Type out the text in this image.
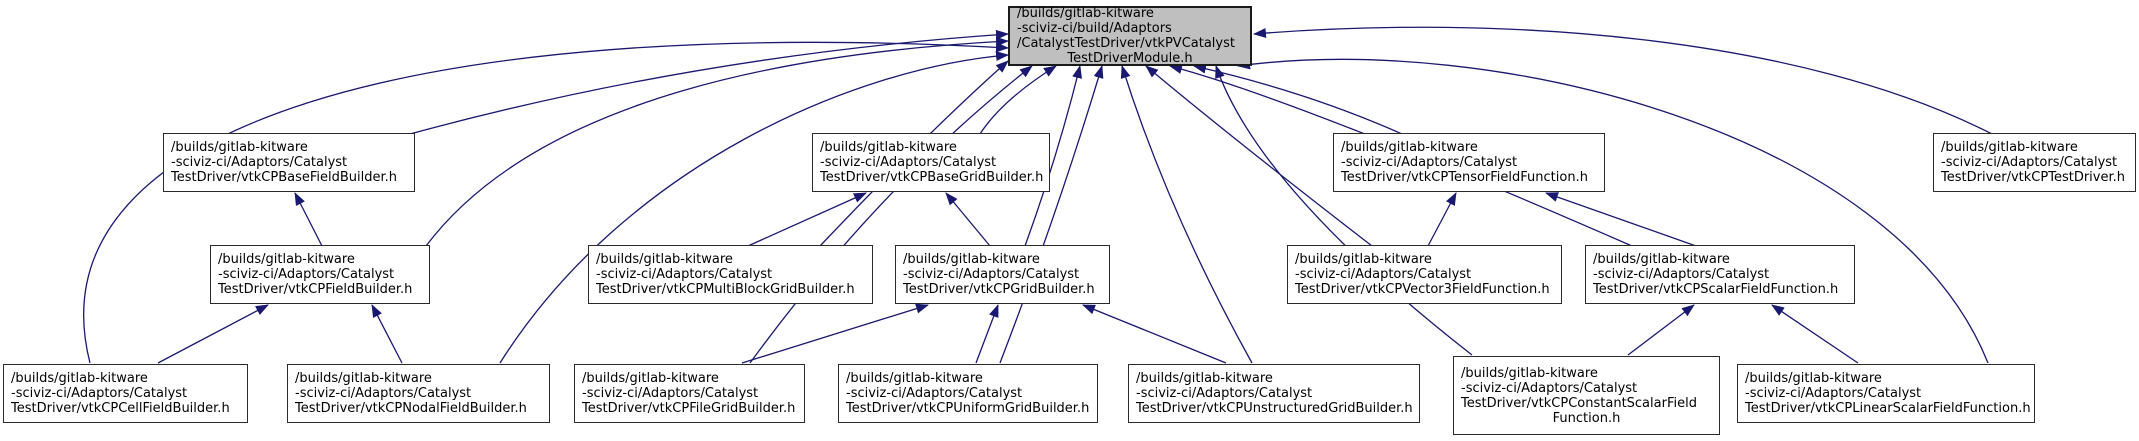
/builds/gitlab-kitware
-sciviz-ci/build/Adaptors
/CatalystTestDriver/vtkPVCatalyst
TestDriverModule.h
/builds/gitlab-kitware
-sciviz-ci/Adaptors/Catalyst
TestDriver/vtkCPBaseFieldBuilder.h
/builds/gitlab-kitware
-sciviz-ci/Adaptors/Catalyst
TestDriver/vtkCPBaseGridBuilder.h
/builds/gitlab-kitware
-sciviz-ci/Adaptors/Catalyst
TestDriver/vtkCPTensorFieldFunction.h
/builds/gitlab-kitware
-sciviz-ci/Adaptors/Catalyst
TestDriver/vtkCPTestDriver.h
/builds/gitlab-kitware
-sciviz-ci/Adaptors/Catalyst
TestDriver/vtkCPFieldBuilder.h
/builds/gitlab-kitware
-sciviz-ci/Adaptors/Catalyst
TestDriver/vtkCPMultiBlockGridBuilder.h
/builds/gitlab-kitware
-sciviz-ci/Adaptors/Catalyst
TestDriver/vtkCPGridBuilder.h
/builds/gitlab-kitware
-sciviz-ci/Adaptors/Catalyst
TestDriver/vtkCPVector3FieldFunction.h
/builds/gitlab-kitware
-sciviz-ci/Adaptors/Catalyst
TestDriver/vtkCPScalarFieldFunction.h
/builds/gitlab-kitware
-sciviz-ci/Adaptors/Catalyst
TestDriver/vtkCPCellFieldBuilder.h
/builds/gitlab-kitware
-sciviz-ci/Adaptors/Catalyst
TestDriver/vtkCPNodalFieldBuilder.h
/builds/gitlab-kitware
-sciviz-ci/Adaptors/Catalyst
TestDriver/vtkCPFileGridBuilder.h
/builds/gitlab-kitware
-sciviz-ci/Adaptors/Catalyst
TestDriver/vtkCPUniformGridBuilder.h
/builds/gitlab-kitware
-sciviz-ci/Adaptors/Catalyst
TestDriver/vtkCPUnstructuredGridBuilder.h
/builds/gitlab-kitware
-sciviz-ci/Adaptors/Catalyst
TestDriver/vtkCPConstantScalarField
Function.h
/builds/gitlab-kitware
-sciviz-ci/Adaptors/Catalyst
TestDriver/vtkCPLinearScalarFieldFunction.h
